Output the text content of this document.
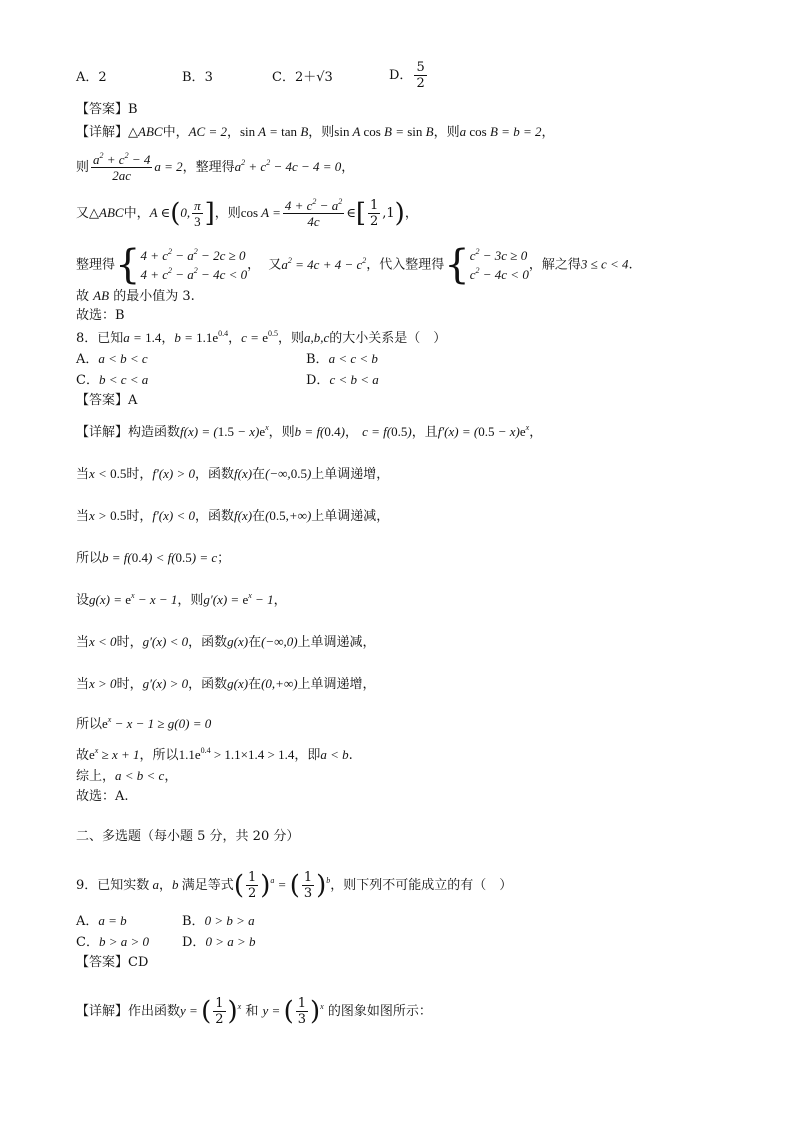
A．2	B．3	C．2＋√3	D． $\frac{5}{2}$
【答案】B
【详解】△ABC中，AC = 2，sin A = tan B，则sin A cos B = sin B，则a cos B = b = 2，
则 $\frac{a^2 + c^2 - 4}{2ac}$ a = 2，整理得$a^2 + c^2 - 4c - 4 = 0$，
又△ABC中，A ∈(0, $\frac{\pi}{3}$ ]，则$\cos A = \frac{4 + c^2 - a^2}{4c}$ ∈[ $\frac{1}{2} ,1$)，
整理得{ $4 + c^2 - a^2 - 2c \ge 0$
$4 + c^2 - a^2 - 4c < 0$
，  又$a^2 = 4c + 4 - c^2$，代入整理得{ $c^2 - 3c \ge 0$
$c^2 - 4c < 0$
，解之得3 ≤ c < 4.
故 AB 的最小值为 3.
故选：B
8．已知a = 1.4，$b = 1.1e^{0.4}$，$c = e^{0.5}$，则a,b,c的大小关系是（　）
A．a < b < c	B．a < c < b
C．b < c < a	D．c < b < a
【答案】A
【详解】构造函数$f(x) = (1.5 - x)e^x$，则b = f(0.4)， c = f(0.5)，且$f'(x) = (0.5 - x)e^x$，
当x < 0.5时，f′(x) > 0，函数f(x)在(−∞,0.5)上单调递增，
当x > 0.5时，f′(x) < 0，函数f(x)在(0.5,+∞)上单调递减，
所以b = f(0.4) < f(0.5) = c；
设$g(x) = e^x - x - 1$，则$g'(x) = e^x - 1$，
当x < 0时，g′(x) < 0，函数g(x)在(−∞,0)上单调递减，
当x > 0时，g′(x) > 0，函数g(x)在(0,+∞)上单调递增，
所以$e^x - x - 1 \ge g(0) = 0$
故$e^x \ge x + 1$，所以$1.1e^{0.4} > 1.1\times 1.4 > 1.4$，即a < b.
综上，a < b < c，
故选：A.
二、多选题（每小题 5 分，共 20 分）
9．已知实数 a，b 满足等式( $\frac{1}{2} )^a$ = ( $\frac{1}{3} )^b$，则下列不可能成立的有（　）
A．a = b	B．0 > b > a
C．b > a > 0	D．0 > a > b
【答案】CD
【详解】作出函数y = ( $\frac{1}{2} )^x$ 和 y = ( $\frac{1}{3} )^x$ 的图象如图所示：
